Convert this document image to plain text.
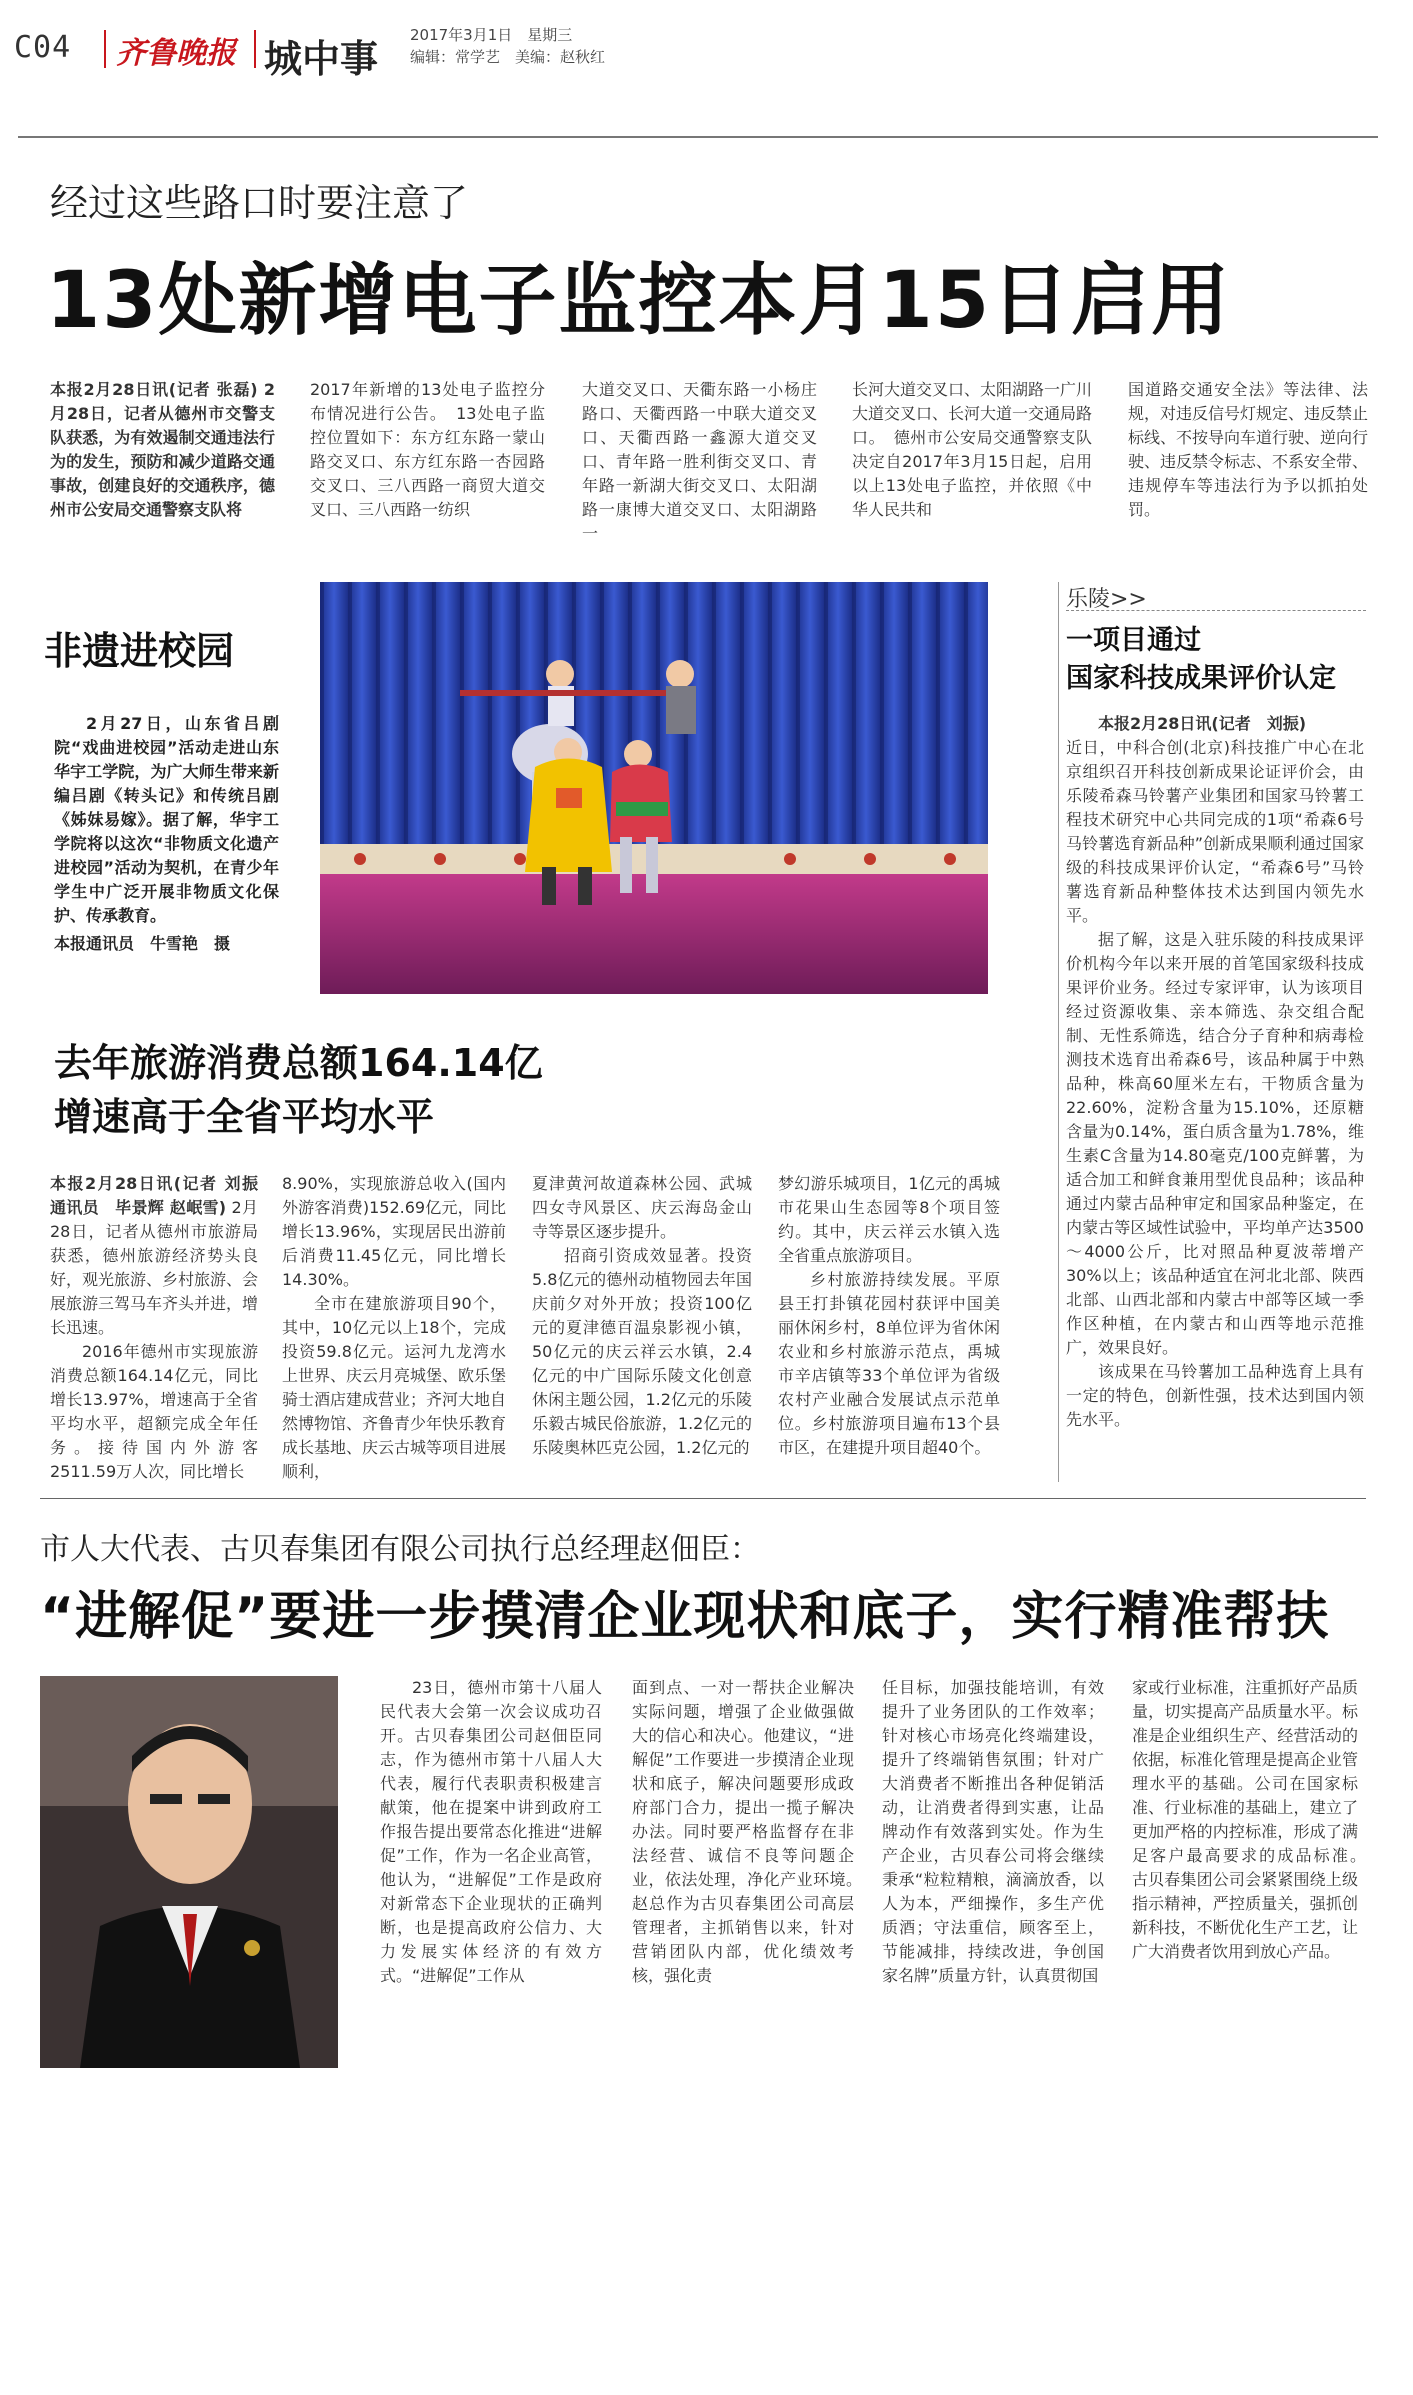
C04 齐鲁晚报 城中事
2017年3月1日　 星期三
编辑：常学艺　 美编：赵秋红
经过这些路口时要注意了
13处新增电子监控本月15日启用

本报2月28日讯(记者 张磊) 2月28日，记者从德州市交警支队获悉，为有效遏制交通违法行为的发生，预防和减少道路交通事故，创建良好的交通秩序，德州市公安局交通警察支队将

2017年新增的13处电子监控分布情况进行公告。　13处电子监控位置如下：东方红东路一蒙山路交叉口、东方红东路一杏园路交叉口、三八西路一商贸大道交叉口、三八西路一纺织

大道交叉口、天衢东路一小杨庄路口、天衢西路一中联大道交叉口、天衢西路一鑫源大道交叉口、青年路一胜利街交叉口、青年路一新湖大街交叉口、太阳湖路一康博大道交叉口、太阳湖路一

长河大道交叉口、太阳湖路一广川大道交叉口、长河大道一交通局路口。　德州市公安局交通警察支队决定自2017年3月15日起，启用以上13处电子监控，并依照《中华人民共和

国道路交通安全法》等法律、法规，对违反信号灯规定、违反禁止标线、不按导向车道行驶、逆向行驶、违反禁令标志、不系安全带、违规停车等违法行为予以抓拍处罚。

非遗进校园

2月27日，山东省吕剧院“戏曲进校园”活动走进山东华宇工学院，为广大师生带来新编吕剧《转头记》和传统吕剧《姊妹易嫁》。据了解，华宇工学院将以这次“非物质文化遗产进校园”活动为契机，在青少年学生中广泛开展非物质文化保护、传承教育。

本报通讯员　牛雪艳　摄

乐陵>>
一项目通过
国家科技成果评价认定

本报2月28日讯(记者　刘振)

近日，中科合创(北京)科技推广中心在北京组织召开科技创新成果论证评价会，由乐陵希森马铃薯产业集团和国家马铃薯工程技术研究中心共同完成的1项“希森6号马铃薯选育新品种”创新成果顺利通过国家级的科技成果评价认定，“希森6号”马铃薯选育新品种整体技术达到国内领先水平。

据了解，这是入驻乐陵的科技成果评价机构今年以来开展的首笔国家级科技成果评价业务。经过专家评审，认为该项目经过资源收集、亲本筛选、杂交组合配制、无性系筛选，结合分子育种和病毒检测技术选育出希森6号，该品种属于中熟品种，株高60厘米左右，干物质含量为22.60%，淀粉含量为15.10%，还原糖含量为0.14%，蛋白质含量为1.78%，维生素C含量为14.80毫克/100克鲜薯，为适合加工和鲜食兼用型优良品种；该品种通过内蒙古品种审定和国家品种鉴定，在内蒙古等区域性试验中，平均单产达3500～4000公斤，比对照品种夏波蒂增产30%以上；该品种适宜在河北北部、陕西北部、山西北部和内蒙古中部等区域一季作区种植，在内蒙古和山西等地示范推广，效果良好。

该成果在马铃薯加工品种选育上具有一定的特色，创新性强，技术达到国内领先水平。

去年旅游消费总额164.14亿
增速高于全省平均水平

本报2月28日讯(记者 刘振　通讯员　毕景辉 赵岷雪) 2月28日，记者从德州市旅游局获悉，德州旅游经济势头良好，观光旅游、乡村旅游、会展旅游三驾马车齐头并进，增长迅速。

2016年德州市实现旅游消费总额164.14亿元，同比增长13.97%，增速高于全省平均水平，超额完成全年任务。接待国内外游客2511.59万人次，同比增长

8.90%，实现旅游总收入(国内外游客消费)152.69亿元，同比增长13.96%，实现居民出游前后消费11.45亿元，同比增长14.30%。

全市在建旅游项目90个，其中，10亿元以上18个，完成投资59.8亿元。运河九龙湾水上世界、庆云月亮城堡、欧乐堡骑士酒店建成营业；齐河大地自然博物馆、齐鲁青少年快乐教育成长基地、庆云古城等项目进展顺利，

夏津黄河故道森林公园、武城四女寺风景区、庆云海岛金山寺等景区逐步提升。

招商引资成效显著。投资5.8亿元的德州动植物园去年国庆前夕对外开放；投资100亿元的夏津德百温泉影视小镇，50亿元的庆云祥云水镇，2.4亿元的中广国际乐陵文化创意休闲主题公园，1.2亿元的乐陵乐毅古城民俗旅游，1.2亿元的乐陵奥林匹克公园，1.2亿元的

梦幻游乐城项目，1亿元的禹城市花果山生态园等8个项目签约。其中，庆云祥云水镇入选全省重点旅游项目。

乡村旅游持续发展。平原县王打卦镇花园村获评中国美丽休闲乡村，8单位评为省休闲农业和乡村旅游示范点，禹城市辛店镇等33个单位评为省级农村产业融合发展试点示范单位。乡村旅游项目遍布13个县市区，在建提升项目超40个。

市人大代表、古贝春集团有限公司执行总经理赵佃臣：
“进解促”要进一步摸清企业现状和底子，实行精准帮扶

23日，德州市第十八届人民代表大会第一次会议成功召开。古贝春集团公司赵佃臣同志，作为德州市第十八届人大代表，履行代表职责积极建言献策，他在提案中讲到政府工作报告提出要常态化推进“进解促”工作，作为一名企业高管，他认为，“进解促”工作是政府对新常态下企业现状的正确判断，也是提高政府公信力、大力发展实体经济的有效方式。“进解促”工作从

面到点、一对一帮扶企业解决实际问题，增强了企业做强做大的信心和决心。他建议，“进解促”工作要进一步摸清企业现状和底子，解决问题要形成政府部门合力，提出一揽子解决办法。同时要严格监督存在非法经营、诚信不良等问题企业，依法处理，净化产业环境。　赵总作为古贝春集团公司高层管理者，主抓销售以来，针对营销团队内部，优化绩效考核，强化责

任目标，加强技能培训，有效提升了业务团队的工作效率；针对核心市场亮化终端建设，提升了终端销售氛围；针对广大消费者不断推出各种促销活动，让消费者得到实惠，让品牌动作有效落到实处。作为生产企业，古贝春公司将会继续秉承“粒粒精粮，滴滴放香，以人为本，严细操作，多生产优质酒；守法重信，顾客至上，节能减排，持续改进，争创国家名牌”质量方针，认真贯彻国

家或行业标准，注重抓好产品质量，切实提高产品质量水平。标准是企业组织生产、经营活动的依据，标准化管理是提高企业管理水平的基础。公司在国家标准、行业标准的基础上，建立了更加严格的内控标准，形成了满足客户最高要求的成品标准。　古贝春集团公司会紧紧围绕上级指示精神，严控质量关，强抓创新科技，不断优化生产工艺，让广大消费者饮用到放心产品。
